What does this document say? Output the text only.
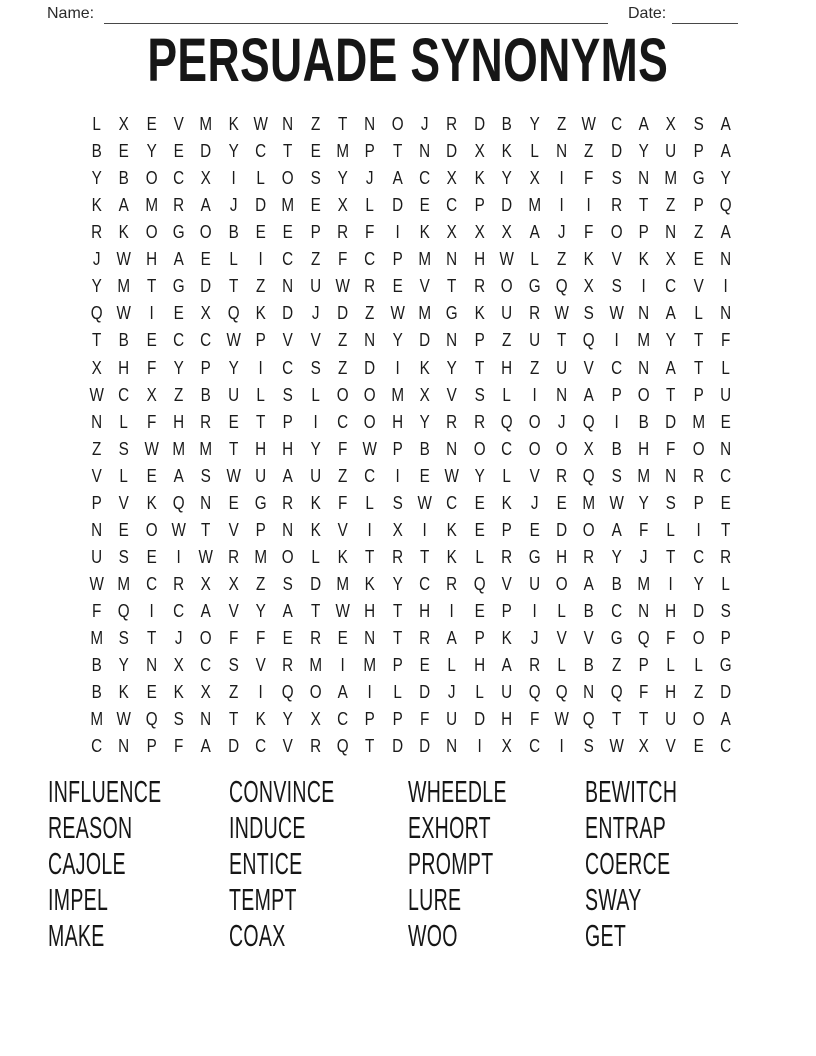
Name:	Date:
PERSUADE SYNONYMS
L X E V M K W N Z T N O J R D B Y Z W C A X S A
B E Y E D Y C T E M P T N D X K L N Z D Y U P A
Y B O C X	I	L O S Y J A C X K Y X	I	F S N M G Y
K A M R A J D M E X L D E C P D M	I	I	R T Z P Q
R K O G O B E E P R F	I	K X X X A J	F O P N Z A
J W H A E L	I	C Z F C P M N H W L Z K V K X E N
Y M T G D T Z N U W R E V T R O G Q X S	I	C V	I
Q W I	E X Q K D J D Z W M G K U R W S W N A L N
T B E C C W P V V Z N Y D N P Z U T Q	I	M Y T F
X H F Y P Y	I	C S Z D	I	K Y T H Z U V C N A T L
W C X Z B U L S L O O M X V S L	I	N A P O T P U
N L F H R E T P	I	C O H Y R R Q O J Q	I	B D M E
Z S W M M T H H Y F W P B N O C O O X B H F O N
V L E A S W U A U Z C	I	E W Y L V R Q S M N R C
P V K Q N E G R K F L S W C E K J E M W Y S P E
N E O W T V P N K V	I	X	I	K E P E D O A F L	I	T
U S E	I W R M O L K T R T K L R G H R Y J	T C R
W M C R X X Z S D M K Y C R Q V U O A B M	I	Y L
F Q	I	C A V Y A T W H T H	I	E P	I	L B C N H D S
M S T	J O F F E R E N T R A P K J V V G Q F O P
B Y N X C S V R M	I	M P E L H A R L B Z P L	L G
B K E K X Z	I	Q O A	I	L D J	L U Q Q N Q F H Z D
M W Q S N T K Y X C P P F U D H F W Q T T U O A
C N P F A D C V R Q T D D N	I	X C	I	S W X V E C
INFLUENCE
REASON
CAJOLE
IMPEL
MAKE
CONVINCE
INDUCE
ENTICE
TEMPT
COAX
WHEEDLE
EXHORT
PROMPT
LURE
WOO
BEWITCH
ENTRAP
COERCE
SWAY
GET
